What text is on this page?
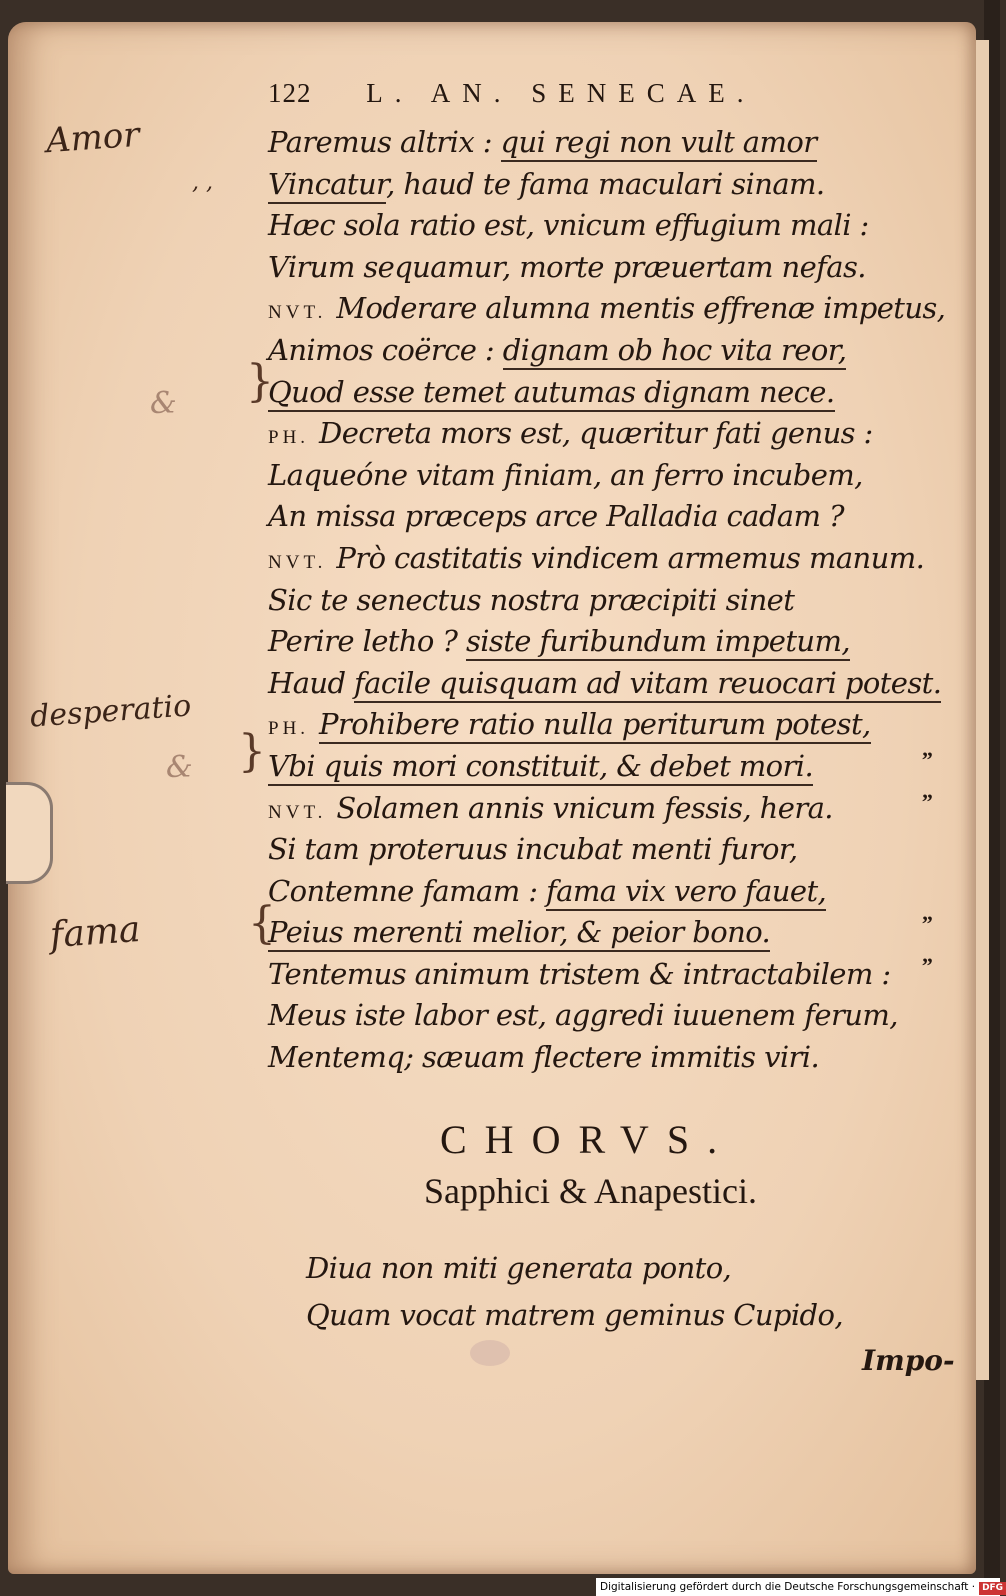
122 L. AN. SENECAE.
Paremus altrix : qui regi non vult amor
Vincatur, haud te fama maculari sinam.
Hæc sola ratio est, vnicum effugium mali :
Virum sequamur, morte præuertam nefas.
NVT. Moderare alumna mentis effrenæ impetus,
Animos coërce : dignam ob hoc vita reor,
Quod esse temet autumas dignam nece.
PH. Decreta mors est, quæritur fati genus :
Laqueóne vitam finiam, an ferro incubem,
An missa præceps arce Palladia cadam ?
NVT. Prò castitatis vindicem armemus manum.
Sic te senectus nostra præcipiti sinet
Perire letho ? siste furibundum impetum,
Haud facile quisquam ad vitam reuocari potest.
PH. Prohibere ratio nulla periturum potest,
Vbi quis mori constituit, & debet mori.
NVT. Solamen annis vnicum fessis, hera.
Si tam proteruus incubat menti furor,
Contemne famam : fama vix vero fauet,
Peius merenti melior, & peior bono.
Tentemus animum tristem & intractabilem :
Meus iste labor est, aggredi iuuenem ferum,
Mentemq; sæuam flectere immitis viri.
Amor
, ,
desperatio
fama
}
}
{
&
&
„
„
„
„
CHORVS.
Sapphici & Anapestici.
Diua non miti generata ponto,
Quam vocat matrem geminus Cupido,
Impo-
Digitalisierung gefördert durch die Deutsche Forschungsgemeinschaft · DFG
